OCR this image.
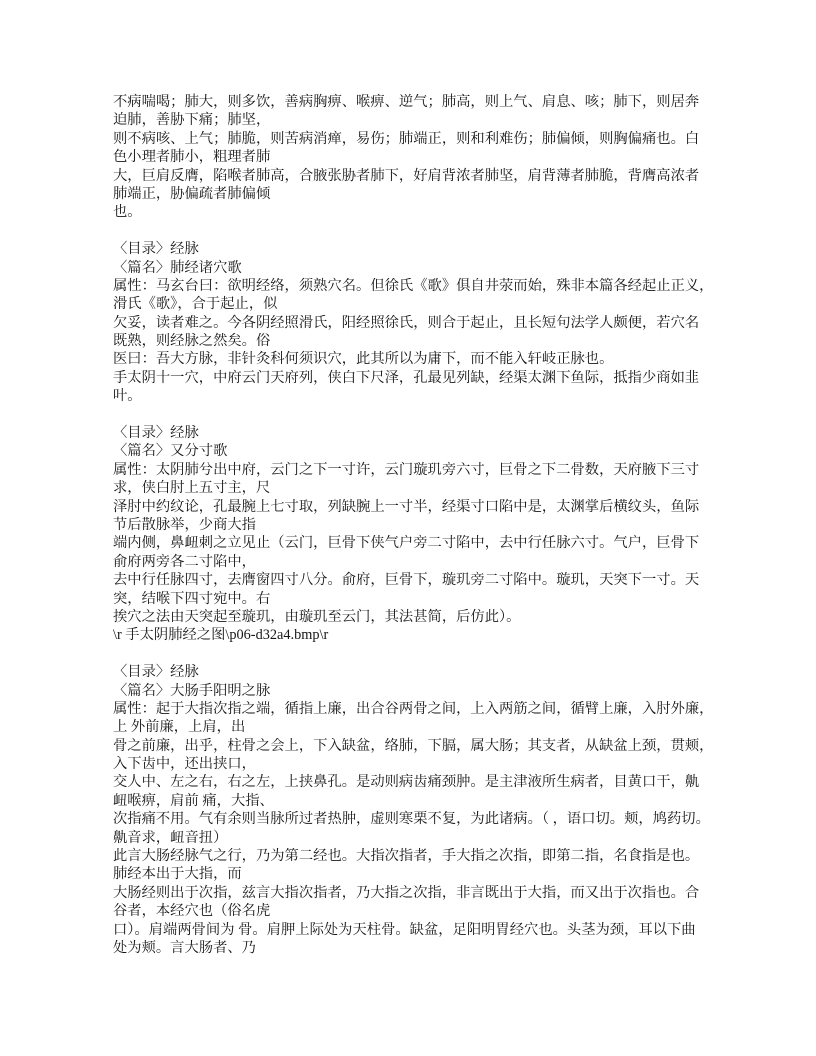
不病喘喝；肺大，则多饮，善病胸痹、喉痹、逆气；肺高，则上气、肩息、咳；肺下，则居奔
迫肺，善胁下痛；肺坚，
则不病咳、上气；肺脆，则苦病消瘅，易伤；肺端正，则和利难伤；肺偏倾，则胸偏痛也。白
色小理者肺小，粗理者肺
大，巨肩反膺，陷喉者肺高，合腋张胁者肺下，好肩背浓者肺坚，肩背薄者肺脆，背膺高浓者
肺端正，胁偏疏者肺偏倾
也。
〈目录〉经脉
〈篇名〉肺经诸穴歌
属性：马玄台曰：欲明经络，须熟穴名。但徐氏《歌》俱自井荥而始，殊非本篇各经起止正义，
滑氏《歌》，合于起止，似
欠妥，读者难之。今各阴经照滑氏，阳经照徐氏，则合于起止，且长短句法学人颇便，若穴名
既熟，则经脉之然矣。俗
医曰：吾大方脉，非针灸科何须识穴，此其所以为庸下，而不能入轩岐正脉也。
手太阴十一穴，中府云门天府列，侠白下尺泽，孔最见列缺，经渠太渊下鱼际，抵指少商如韭
叶。
〈目录〉经脉
〈篇名〉又分寸歌
属性：太阴肺兮出中府，云门之下一寸许，云门璇玑旁六寸，巨骨之下二骨数，天府腋下三寸
求，侠白肘上五寸主，尺
泽肘中约纹论，孔最腕上七寸取，列缺腕上一寸半，经渠寸口陷中是，太渊掌后横纹头，鱼际
节后散脉举，少商大指
端内侧，鼻衄刺之立见止（云门，巨骨下侠气户旁二寸陷中，去中行任脉六寸。气户，巨骨下
俞府两旁各二寸陷中，
去中行任脉四寸，去膺窗四寸八分。俞府，巨骨下，璇玑旁二寸陷中。璇玑，天突下一寸。天
突，结喉下四寸宛中。右
挨穴之法由天突起至璇玑，由璇玑至云门，其法甚简，后仿此）。
\r 手太阴肺经之图\p06-d32a4.bmp\r
〈目录〉经脉
〈篇名〉大肠手阳明之脉
属性：起于大指次指之端，循指上廉，出合谷两骨之间，上入两筋之间，循臂上廉，入肘外廉，
上 外前廉，上肩，出
骨之前廉，出乎，柱骨之会上，下入缺盆，络肺，下膈，属大肠；其支者，从缺盆上颈，贯颊，
入下齿中，还出挟口，
交人中、左之右，右之左，上挟鼻孔。是动则病齿痛颈肿。是主津液所生病者，目黄口干，鼽
衄喉痹，肩前 痛，大指、
次指痛不用。气有余则当脉所过者热肿，虚则寒栗不复，为此诸病。（ ，语口切。颊，鸠药切。
鼽音求，衄音扭）
此言大肠经脉气之行，乃为第二经也。大指次指者，手大指之次指，即第二指，名食指是也。
肺经本出于大指，而
大肠经则出于次指，兹言大指次指者，乃大指之次指，非言既出于大指，而又出于次指也。合
谷者，本经穴也（俗名虎
口）。肩端两骨间为 骨。肩胛上际处为天柱骨。缺盆，足阳明胃经穴也。头茎为颈，耳以下曲
处为颊。言大肠者、乃
